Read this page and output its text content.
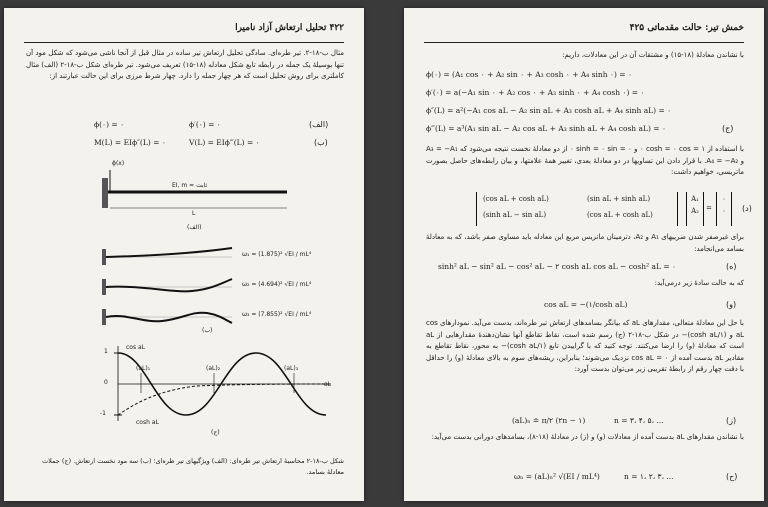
۴۲۲ تحلیل ارتعاش آزاد نامیرا
مثال ب-۱۸-۲. تیر طره‌ای. سادگی تحلیل ارتعاش تیر ساده در مثال قبل از آنجا ناشی می‌شود که شکل مود آن تنها بوسیلهٔ یک جمله در رابطه تابع شکل معادله (۱۸-۱۵) تعریف می‌شود. تیر طره‌ای شکل ب-۱۸-۲ (الف) مثال کاملتری برای روش تحلیل است که هر چهار جمله را دارد. چهار شرط مرزی برای این حالت عبارتند از:
ϕ(٠) = ٠	ϕ′(٠) = ٠	(الف)
M(L) = EIϕ″(L) = ٠	V(L) = EIϕ‴(L) = ٠	(ب)
ϕ(x)
EI, m = ثابت
L
(الف)
ω₁ = (1.875)² √EI / mL⁴
ω₂ = (4.694)² √EI / mL⁴
ω₃ = (7.855)² √EI / mL⁴
(ب)
1
0
-1
cos aL
(aL)₁	(aL)₂	(aL)₃
aL
cosh aL
(ج)
شکل ب-۱۸-۲ محاسبهٔ ارتعاش تیر طره‌ای: (الف) ویژگیهای تیر طره‌ای؛ (ب) سه مود نخست ارتعاش. (ج) جملات معادلهٔ بسامد.
خمش تیر: حالت مقدماتی ۴۲۵
با نشاندن معادلهٔ (۱۸-۱۵) و مشتقات آن در این معادلات، داریم:
ϕ(٠) = (A₁ cos ٠ + A₂ sin ٠ + A₃ cosh ٠ + A₄ sinh ٠) = ٠
ϕ′(٠) = a(−A₁ sin ٠ + A₂ cos ٠ + A₃ sinh ٠ + A₄ cosh ٠) = ٠
ϕ″(L) = a²(−A₁ cos aL − A₂ sin aL + A₃ cosh aL + A₄ sinh aL) = ٠
ϕ‴(L) = a³(A₁ sin aL − A₂ cos aL + A₃ sinh aL + A₄ cosh aL) = ٠	(ج)
با استفاده از ۱ = cos ٠ = cosh ٠ و ٠ = sin ٠ = sinh ٠ از دو معادلهٔ نخست نتیجه می‌شود که A₃ = −A₁ و A₄ = −A₂. با قرار دادن این تساویها در دو معادلهٔ بعدی، تغییر همهٔ علامتها، و بیان رابطه‌های حاصل بصورت ماتریسی، خواهیم داشت:
(cos aL + cosh aL)	(sin aL + sinh aL)
(sinh aL − sin aL)	(cos aL + cosh aL)
A₁
A₂	=
٠
٠	(د)
برای غیرصفر شدن ضریبهای A₁ و A₂، دترمینان ماتریس مربع این معادله باید مساوی صفر باشد، که به معادلهٔ بسامد می‌انجامد:
sinh² aL − sin² aL − cos² aL − ۲ cosh aL cos aL − cosh² aL = ٠	(ه)
که به حالت سادهٔ زیر درمی‌آید:
cos aL = −(۱/cosh aL)	(و)
با حل این معادلهٔ متعالی، مقدارهای aL که بیانگر بسامدهای ارتعاش تیر طره‌اند، بدست می‌آید. نمودارهای cos aL و (۱/cosh aL)− در شکل ب-۱۸-۲ (ج) رسم شده است، نقاط تقاطع آنها نشان‌دهندهٔ مقدارهایی از aL است که معادلهٔ (و) را ارضا می‌کنند. توجه کنید که با گراییدن تابع (۱/cosh aL)− به محور، نقاط تقاطع به مقادیر aL بدست آمده از ٠ = cos aL نزدیک می‌شوند؛ بنابراین، ریشه‌های سوم به بالای معادلهٔ (و) را حداقل با دقت چهار رقم از رابطهٔ تقریبی زیر می‌توان بدست آورد:
(aL)ₙ ≐ π/۲ (۲n − ۱)	n = ۳، ۴، ۵، ...	(ز)
با نشاندن مقدارهای aL بدست آمده از معادلات (و) و (ز) در معادلهٔ (۱۸-۸)، بسامدهای دورانی بدست می‌آید:
ωₙ = (aL)ₙ² √(EI / mL⁴)	n = ۱، ۲، ۳، ...	(ح)
